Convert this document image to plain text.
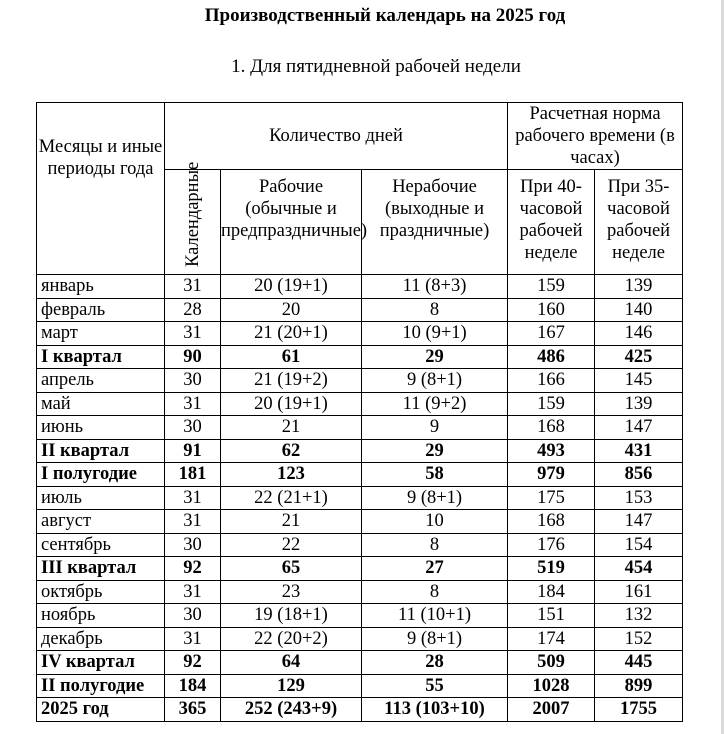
Производственный календарь на 2025 год
1. Для пятидневной рабочей недели
Месяцы и иные периоды года	Количество дней			Расчетная норма рабочего времени (в часах)	

	Календарные	Рабочие (обычные и предпраздничные)	Нерабочие (выходные и праздничные)	При 40-часовой рабочей неделе	При 35-часовой рабочей неделе
январь	31	20 (19+1)	11 (8+3)	159	139
февраль	28	20	8	160	140
март	31	21 (20+1)	10 (9+1)	167	146
I квартал	90	61	29	486	425
апрель	30	21 (19+2)	9 (8+1)	166	145
май	31	20 (19+1)	11 (9+2)	159	139
июнь	30	21	9	168	147
II квартал	91	62	29	493	431
I полугодие	181	123	58	979	856
июль	31	22 (21+1)	9 (8+1)	175	153
август	31	21	10	168	147
сентябрь	30	22	8	176	154
III квартал	92	65	27	519	454
октябрь	31	23	8	184	161
ноябрь	30	19 (18+1)	11 (10+1)	151	132
декабрь	31	22 (20+2)	9 (8+1)	174	152
IV квартал	92	64	28	509	445
II полугодие	184	129	55	1028	899
2025 год	365	252 (243+9)	113 (103+10)	2007	1755
